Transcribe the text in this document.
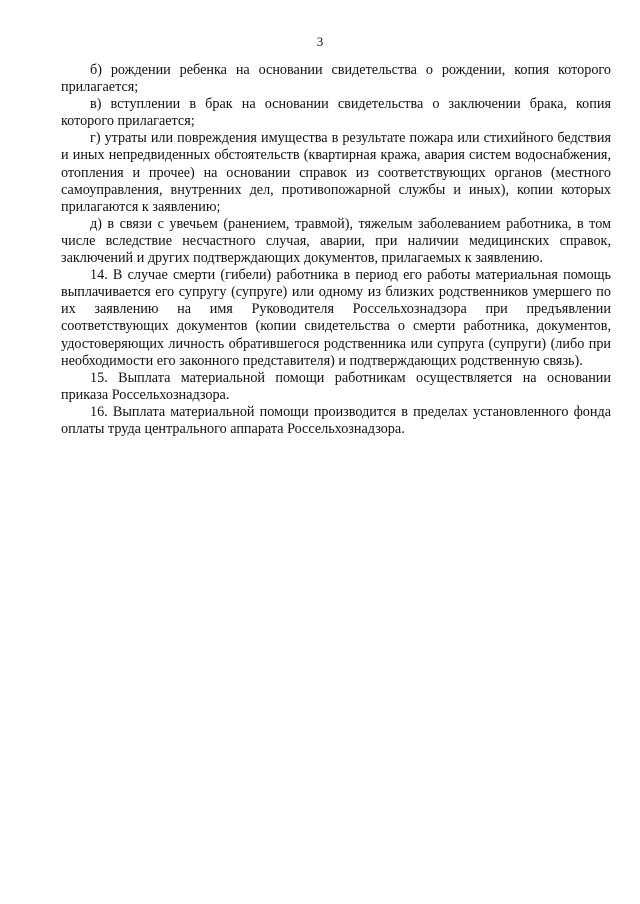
3

б) рождении ребенка на основании свидетельства о рождении, копия которого прилагается;

в) вступлении в брак на основании свидетельства о заключении брака, копия которого прилагается;

г) утраты или повреждения имущества в результате пожара или стихийного бедствия и иных непредвиденных обстоятельств (квартирная кража, авария систем водоснабжения, отопления и прочее) на основании справок из соответствующих органов (местного самоуправления, внутренних дел, противопожарной службы и иных), копии которых прилагаются к заявлению;

д) в связи с увечьем (ранением, травмой), тяжелым заболеванием работника, в том числе вследствие несчастного случая, аварии, при наличии медицинских справок, заключений и других подтверждающих документов, прилагаемых к заявлению.

14. В случае смерти (гибели) работника в период его работы материальная помощь выплачивается его супругу (супруге) или одному из близких родственников умершего по их заявлению на имя Руководителя Россельхознадзора при предъявлении соответствующих документов (копии свидетельства о смерти работника, документов, удостоверяющих личность обратившегося родственника или супруга (супруги) (либо при необходимости его законного представителя) и подтверждающих родственную связь).

15. Выплата материальной помощи работникам осуществляется на основании приказа Россельхознадзора.

16. Выплата материальной помощи производится в пределах установленного фонда оплаты труда центрального аппарата Россельхознадзора.
